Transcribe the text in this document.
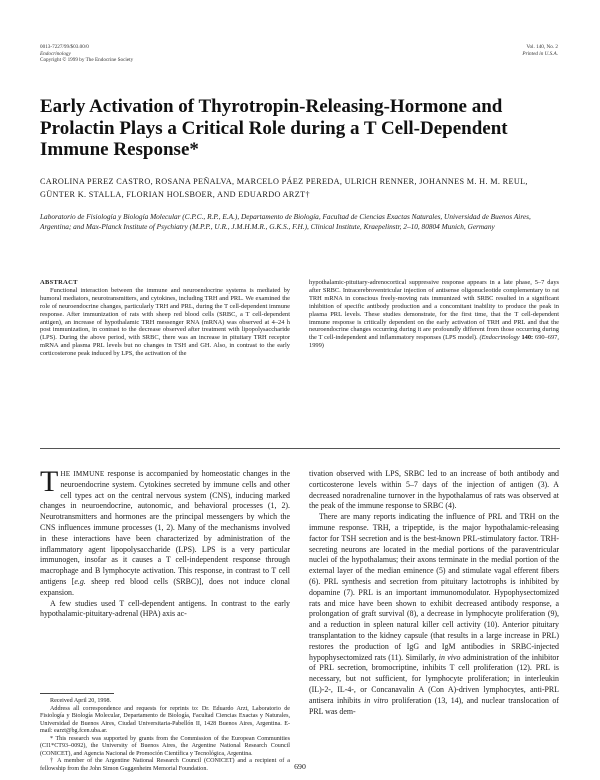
0013-7227/99/$03.00/0
Endocrinology
Copyright © 1999 by The Endocrine Society
Vol. 140, No. 2
Printed in U.S.A.
Early Activation of Thyrotropin-Releasing-Hormone and Prolactin Plays a Critical Role during a T Cell-Dependent Immune Response*
CAROLINA PEREZ CASTRO, ROSANA PEÑALVA, MARCELO PÁEZ PEREDA, ULRICH RENNER, JOHANNES M. H. M. REUL, GÜNTER K. STALLA, FLORIAN HOLSBOER, AND EDUARDO ARZT†
Laboratorio de Fisiología y Biología Molecular (C.P.C., R.P., E.A.), Departamento de Biología, Facultad de Ciencias Exactas Naturales, Universidad de Buenos Aires, Argentina; and Max-Planck Institute of Psychiatry (M.P.P., U.R., J.M.H.M.R., G.K.S., F.H.), Clinical Institute, Kraepelinstr, 2–10, 80804 Munich, Germany
ABSTRACT
Functional interaction between the immune and neuroendocrine systems is mediated by humoral mediators, neurotransmitters, and cytokines, including TRH and PRL. We examined the role of neuroendocrine changes, particularly TRH and PRL, during the T cell-dependent immune response. After immunization of rats with sheep red blood cells (SRBC, a T cell-dependent antigen), an increase of hypothalamic TRH messenger RNA (mRNA) was observed at 4–24 h post immunization, in contrast to the decrease observed after treatment with lipopolysaccharide (LPS). During the above period, with SRBC, there was an increase in pituitary TRH receptor mRNA and plasma PRL levels but no changes in TSH and GH. Also, in contrast to the early corticosterone peak induced by LPS, the activation of the
hypothalamic-pituitary-adrenocortical suppressive response appears in a late phase, 5–7 days after SRBC. Intracerebroventricular injection of antisense oligonucleotide complementary to rat TRH mRNA in conscious freely-moving rats immunized with SRBC resulted in a significant inhibition of specific antibody production and a concomitant inability to produce the peak in plasma PRL levels. These studies demonstrate, for the first time, that the T cell-dependent immune response is critically dependent on the early activation of TRH and PRL and that the neuroendocrine changes occurring during it are profoundly different from those occurring during the T cell-independent and inflammatory responses (LPS model). (Endocrinology 140: 690–697, 1999)

THE IMMUNE response is accompanied by homeostatic changes in the neuroendocrine system. Cytokines secreted by immune cells and other cell types act on the central nervous system (CNS), inducing marked changes in neuroendocrine, autonomic, and behavioral processes (1, 2). Neurotransmitters and hormones are the principal messengers by which the CNS influences immune processes (1, 2). Many of the mechanisms involved in these interactions have been characterized by administration of the inflammatory agent lipopolysaccharide (LPS). LPS is a very particular immunogen, insofar as it causes a T cell-independent response through macrophage and B lymphocyte activation. This response, in contrast to T cell antigens [e.g. sheep red blood cells (SRBC)], does not induce clonal expansion.

A few studies used T cell-dependent antigens. In contrast to the early hypothalamic-pituitary-adrenal (HPA) axis ac-

tivation observed with LPS, SRBC led to an increase of both antibody and corticosterone levels within 5–7 days of the injection of antigen (3). A decreased noradrenaline turnover in the hypothalamus of rats was observed at the peak of the immune response to SRBC (4).

There are many reports indicating the influence of PRL and TRH on the immune response. TRH, a tripeptide, is the major hypothalamic-releasing factor for TSH secretion and is the best-known PRL-stimulatory factor. TRH-secreting neurons are located in the medial portions of the paraventricular nuclei of the hypothalamus; their axons terminate in the medial portion of the external layer of the median eminence (5) and stimulate vagal efferent fibers (6). PRL synthesis and secretion from pituitary lactotrophs is inhibited by dopamine (7). PRL is an important immunomodulator. Hypophysectomized rats and mice have been shown to exhibit decreased antibody response, a prolongation of graft survival (8), a decrease in lymphocyte proliferation (9), and a reduction in spleen natural killer cell activity (10). Anterior pituitary transplantation to the kidney capsule (that results in a large increase in PRL) restores the production of IgG and IgM antibodies in SRBC-injected hypophysectomized rats (11). Similarly, in vivo administration of the inhibitor of PRL secretion, bromocriptine, inhibits T cell proliferation (12). PRL is necessary, but not sufficient, for lymphocyte proliferation; in interleukin (IL)-2-, IL-4-, or Concanavalin A (Con A)-driven lymphocytes, anti-PRL antisera inhibits in vitro proliferation (13, 14), and nuclear translocation of PRL was dem-

Received April 20, 1998.

Address all correspondence and requests for reprints to: Dr. Eduardo Arzt, Laboratorio de Fisiología y Biología Molecular, Departamento de Biología, Facultad Ciencias Exactas y Naturales, Universidad de Buenos Aires, Ciudad Universitaria-Pabellón II, 1428 Buenos Aires, Argentina. E-mail: earzt@bg.fcen.uba.ar.

* This research was supported by grants from the Commission of the European Communities (CI1*CT93–0092), the University of Buenos Aires, the Argentine National Research Council (CONICET), and Agencia Nacional de Promoción Científica y Tecnológica, Argentina.

† A member of the Argentine National Research Council (CONICET) and a recipient of a fellowship from the John Simon Guggenheim Memorial Foundation.	690
